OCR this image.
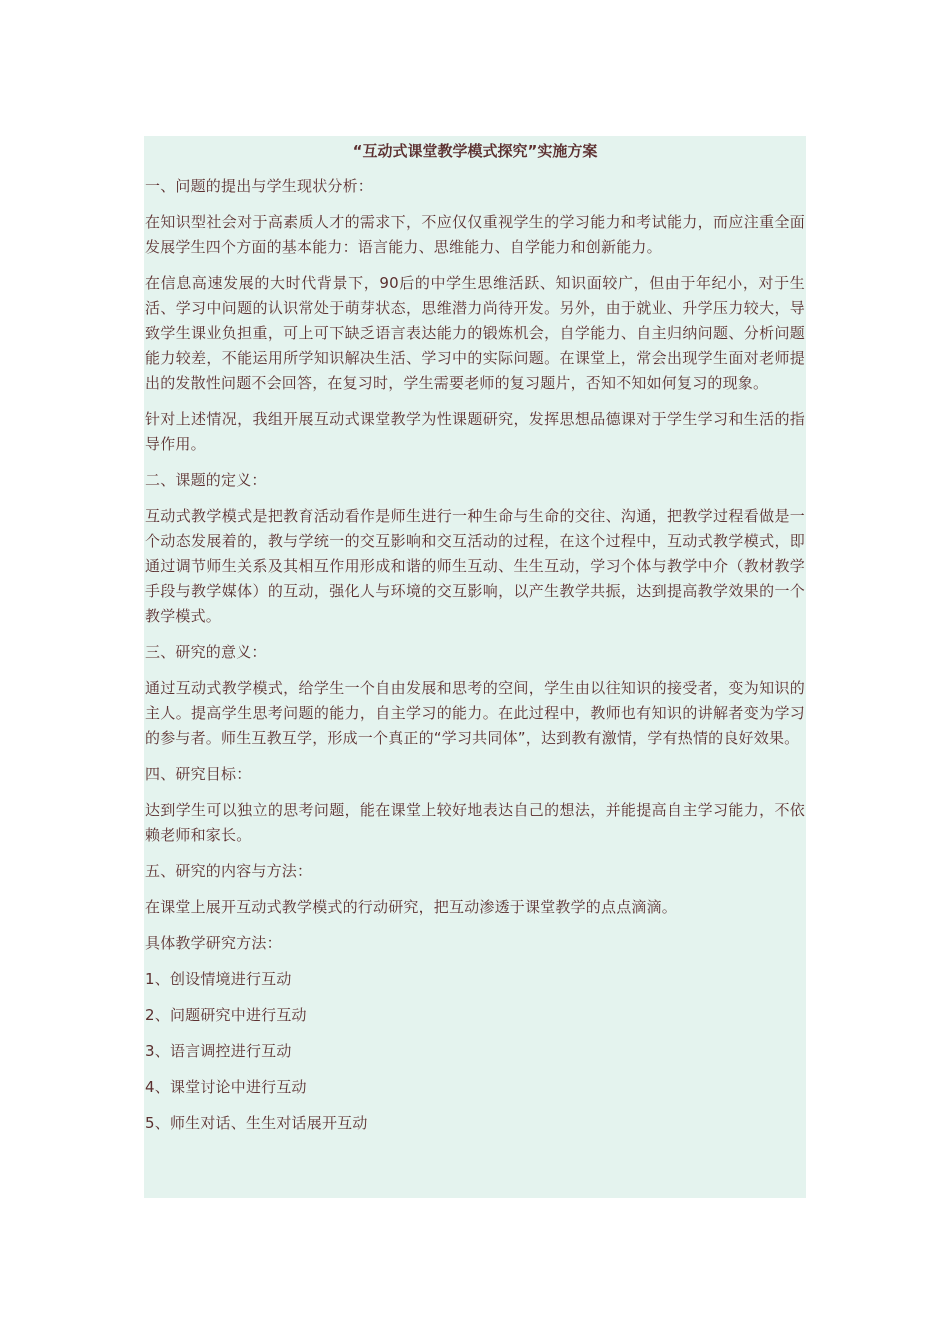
“互动式课堂教学模式探究”实施方案

一、问题的提出与学生现状分析：

在知识型社会对于高素质人才的需求下，不应仅仅重视学生的学习能力和考试能力，而应注重全面发展学生四个方面的基本能力：语言能力、思维能力、自学能力和创新能力。

在信息高速发展的大时代背景下，90后的中学生思维活跃、知识面较广，但由于年纪小，对于生活、学习中问题的认识常处于萌芽状态，思维潜力尚待开发。另外，由于就业、升学压力较大，导致学生课业负担重，可上可下缺乏语言表达能力的锻炼机会，自学能力、自主归纳问题、分析问题能力较差，不能运用所学知识解决生活、学习中的实际问题。在课堂上，常会出现学生面对老师提出的发散性问题不会回答，在复习时，学生需要老师的复习题片，否知不知如何复习的现象。

针对上述情况，我组开展互动式课堂教学为性课题研究，发挥思想品德课对于学生学习和生活的指导作用。

二、课题的定义：

互动式教学模式是把教育活动看作是师生进行一种生命与生命的交往、沟通，把教学过程看做是一个动态发展着的，教与学统一的交互影响和交互活动的过程，在这个过程中，互动式教学模式，即通过调节师生关系及其相互作用形成和谐的师生互动、生生互动，学习个体与教学中介（教材教学手段与教学媒体）的互动，强化人与环境的交互影响，以产生教学共振，达到提高教学效果的一个教学模式。

三、研究的意义：

通过互动式教学模式，给学生一个自由发展和思考的空间，学生由以往知识的接受者，变为知识的主人。提高学生思考问题的能力，自主学习的能力。在此过程中，教师也有知识的讲解者变为学习的参与者。师生互教互学，形成一个真正的“学习共同体”，达到教有激情，学有热情的良好效果。

四、研究目标：

达到学生可以独立的思考问题，能在课堂上较好地表达自己的想法，并能提高自主学习能力，不依赖老师和家长。

五、研究的内容与方法：

在课堂上展开互动式教学模式的行动研究，把互动渗透于课堂教学的点点滴滴。

具体教学研究方法：

1、创设情境进行互动

2、问题研究中进行互动

3、语言调控进行互动

4、课堂讨论中进行互动

5、师生对话、生生对话展开互动
